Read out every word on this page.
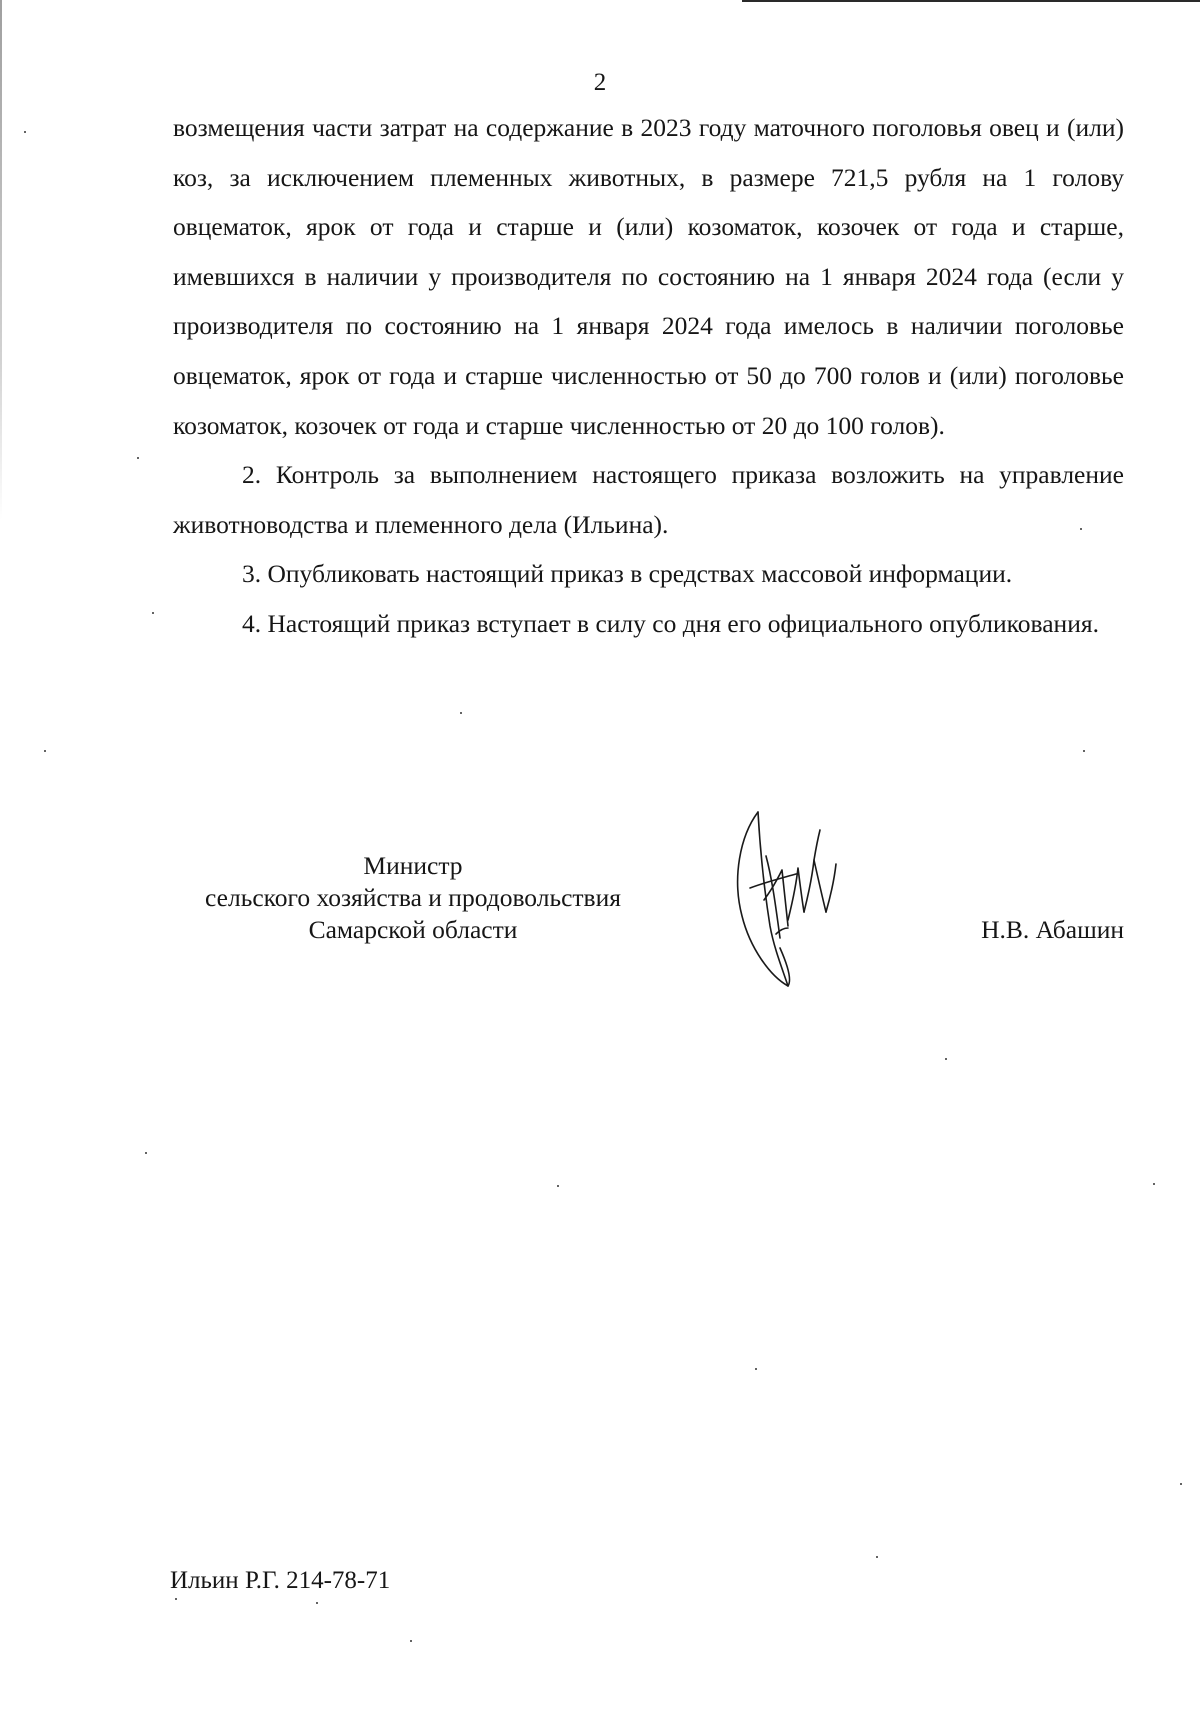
2

возмещения части затрат на содержание в 2023 году маточного поголовья овец и (или) коз, за исключением племенных животных, в размере 721,5 рубля на 1 голову овцематок, ярок от года и старше и (или) козоматок, козочек от года и старше, имевшихся в наличии у производителя по состоянию на 1 января 2024 года (если у производителя по состоянию на 1 января 2024 года имелось в наличии поголовье овцематок, ярок от года и старше численностью от 50 до 700 голов и (или) поголовье козоматок, козочек от года и старше численностью от 20 до 100 голов).

2. Контроль за выполнением настоящего приказа возложить на управление животноводства и племенного дела (Ильина).

3. Опубликовать настоящий приказ в средствах массовой информации.

4. Настоящий приказ вступает в силу со дня его официального опубликования.

Министр
сельского хозяйства и продовольствия
Самарской области	Н.В. Абашин
Ильин Р.Г. 214-78-71
